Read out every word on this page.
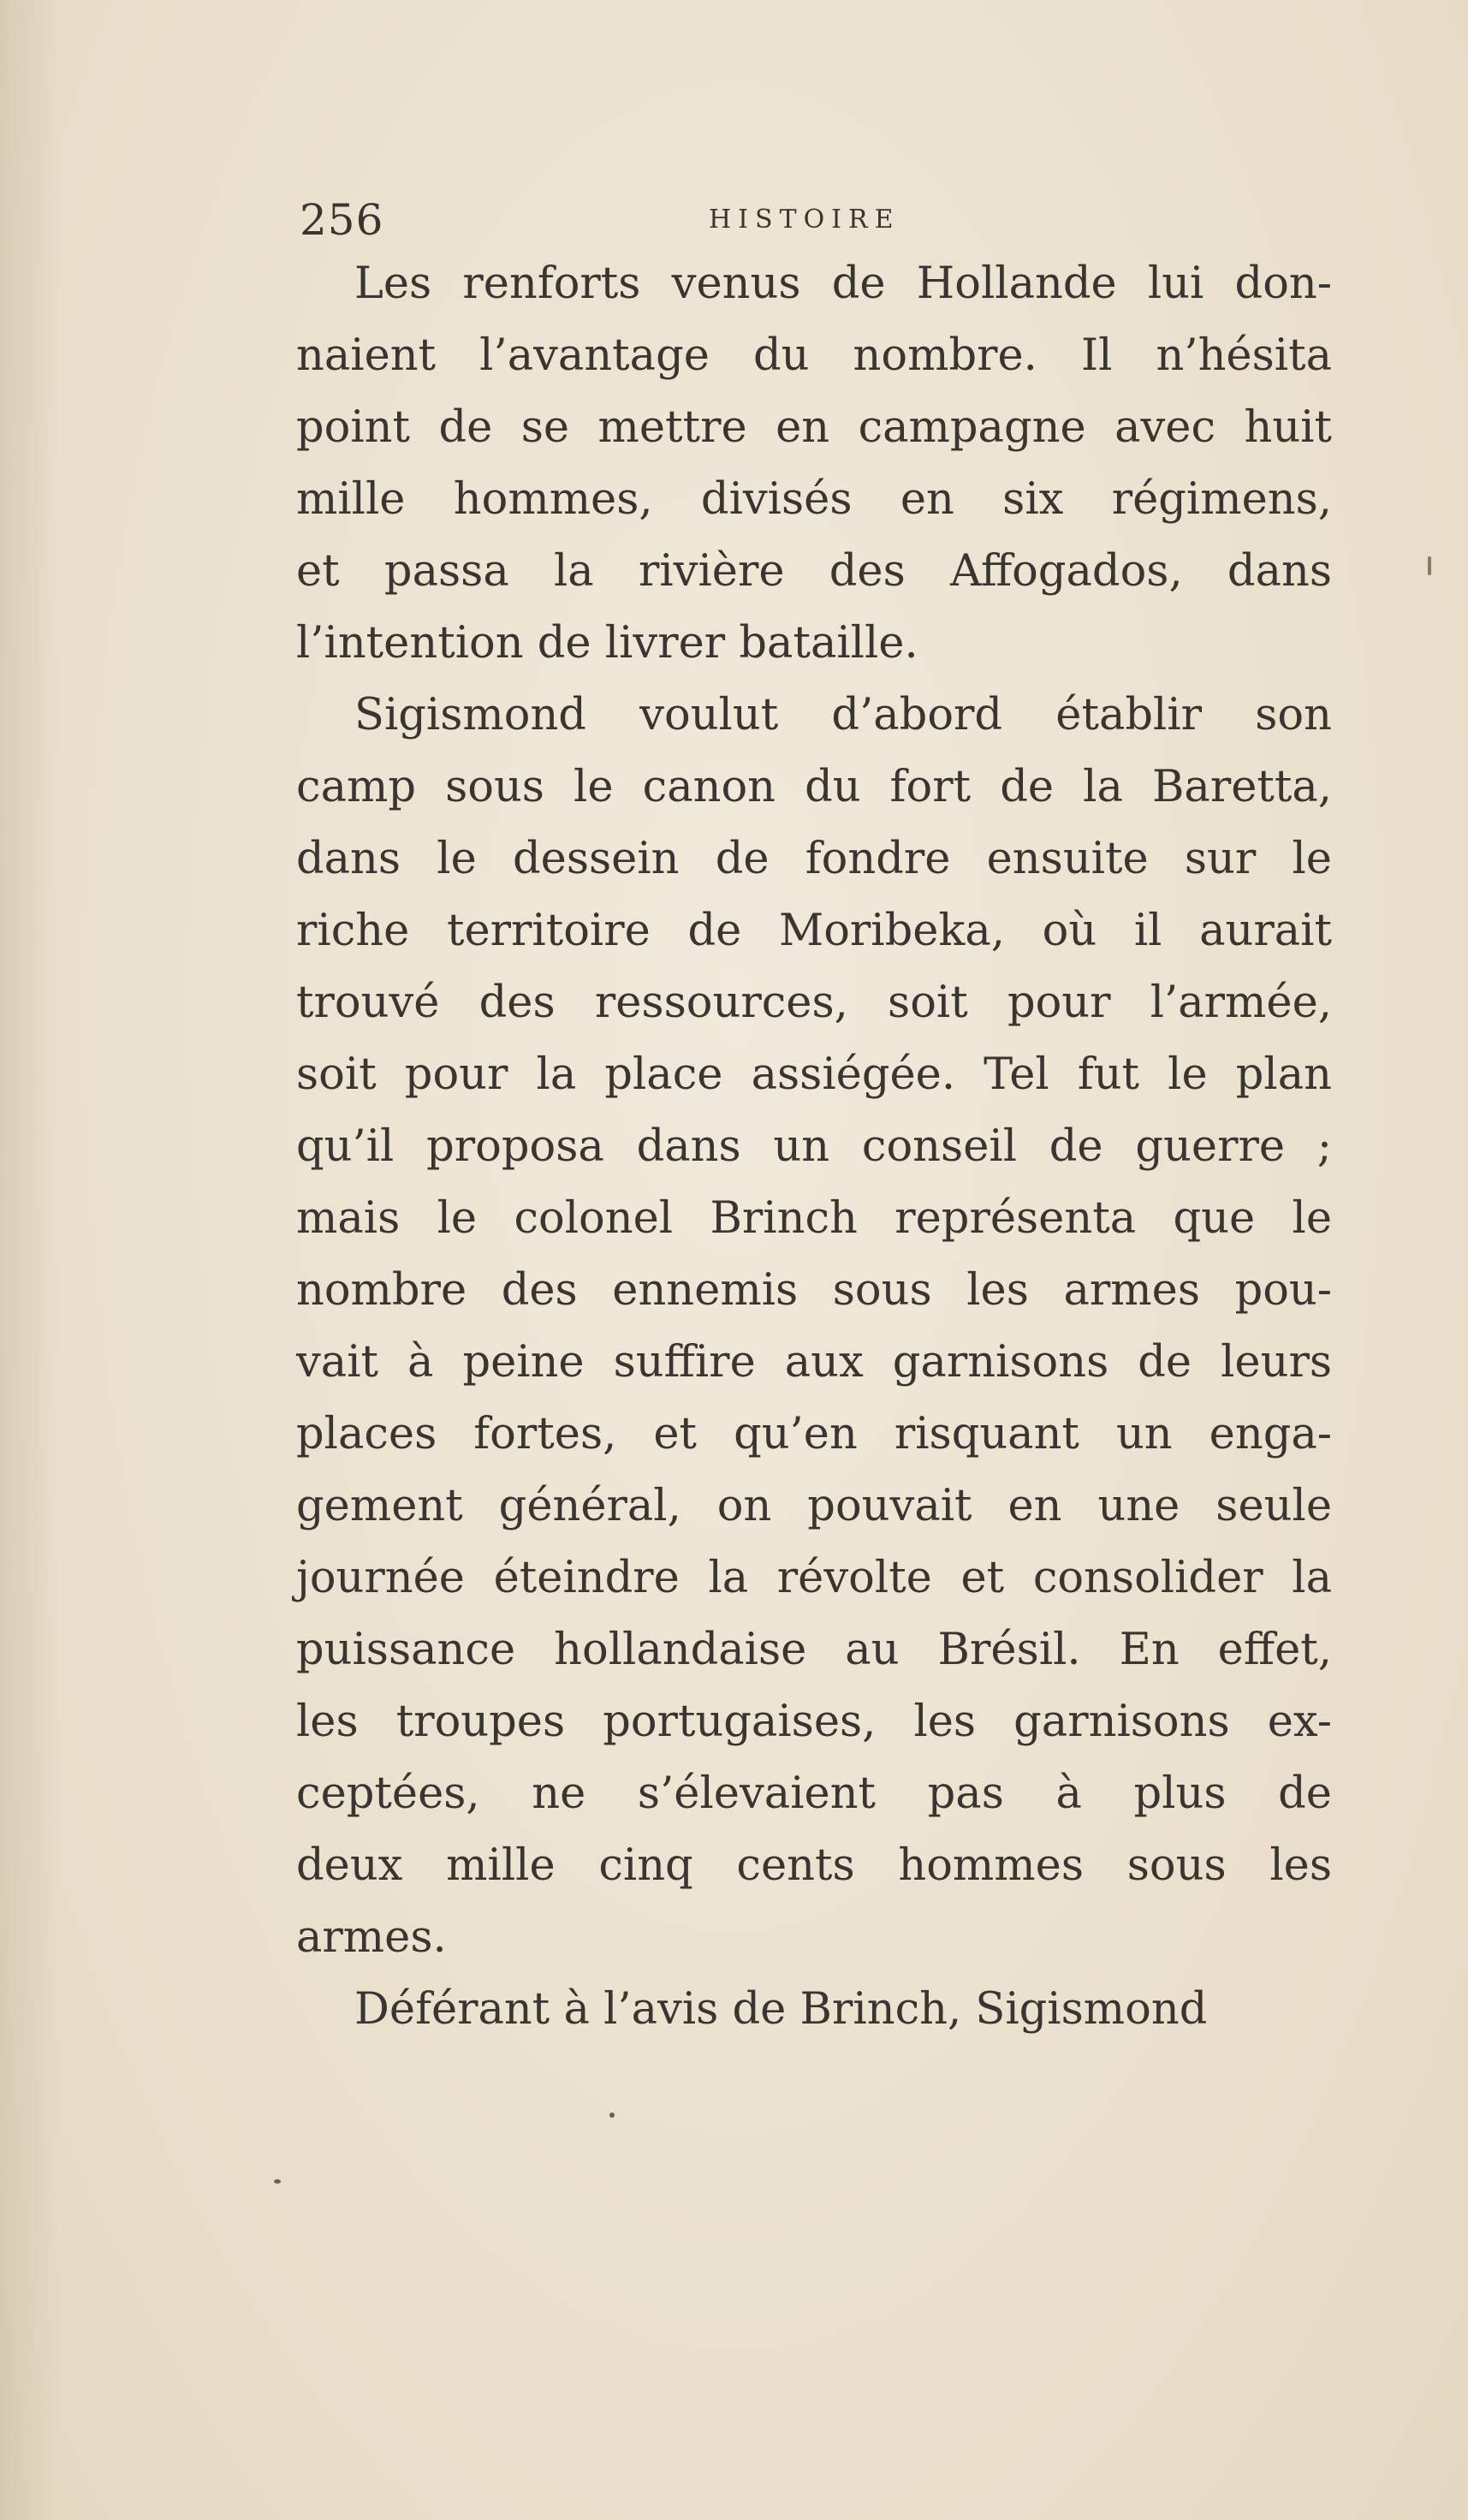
256	HISTOIRE
Les renforts venus de Hollande lui don-
naient l’avantage du nombre. Il n’hésita
point de se mettre en campagne avec huit
mille hommes, divisés en six régimens,
et passa la rivière des Affogados, dans
l’intention de livrer bataille.
Sigismond voulut d’abord établir son
camp sous le canon du fort de la Baretta,
dans le dessein de fondre ensuite sur le
riche territoire de Moribeka, où il aurait
trouvé des ressources, soit pour l’armée,
soit pour la place assiégée. Tel fut le plan
qu’il proposa dans un conseil de guerre ;
mais le colonel Brinch représenta que le
nombre des ennemis sous les armes pou-
vait à peine suffire aux garnisons de leurs
places fortes, et qu’en risquant un enga-
gement général, on pouvait en une seule
journée éteindre la révolte et consolider la
puissance hollandaise au Brésil. En effet,
les troupes portugaises, les garnisons ex-
ceptées, ne s’élevaient pas à plus de
deux mille cinq cents hommes sous les
armes.
Déférant à l’avis de Brinch, Sigismond
